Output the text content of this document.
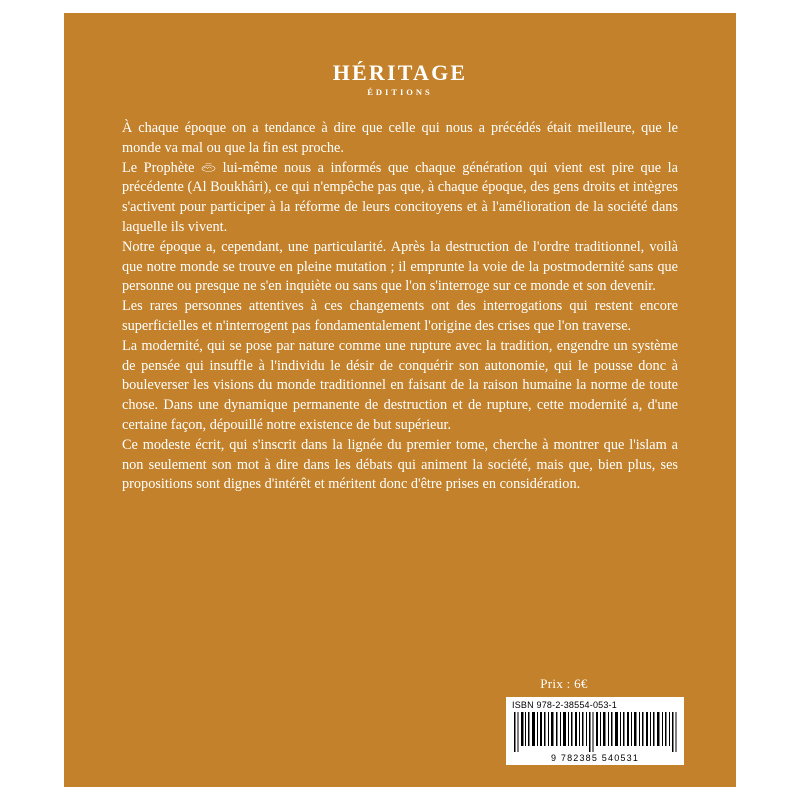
HÉRITAGE
ÉDITIONS

À chaque époque on a tendance à dire que celle qui nous a précédés était meilleure, que le monde va mal ou que la fin est proche.

Le Prophète  lui-même nous a informés que chaque génération qui vient est pire que la précédente (Al Boukhâri), ce qui n'empêche pas que, à chaque époque, des gens droits et intègres s'activent pour participer à la réforme de leurs concitoyens et à l'amélioration de la société dans laquelle ils vivent.

Notre époque a, cependant, une particularité. Après la destruction de l'ordre traditionnel, voilà que notre monde se trouve en pleine mutation ; il emprunte la voie de la postmodernité sans que personne ou presque ne s'en inquiète ou sans que l'on s'interroge sur ce monde et son devenir.

Les rares personnes attentives à ces changements ont des interrogations qui restent encore superficielles et n'interrogent pas fondamentalement l'origine des crises que l'on traverse.

La modernité, qui se pose par nature comme une rupture avec la tradition, engendre un système de pensée qui insuffle à l'individu le désir de conquérir son autonomie, qui le pousse donc à bouleverser les visions du monde traditionnel en faisant de la raison humaine la norme de toute chose. Dans une dynamique permanente de destruction et de rupture, cette modernité a, d'une certaine façon, dépouillé notre existence de but supérieur.

Ce modeste écrit, qui s'inscrit dans la lignée du premier tome, cherche à montrer que l'islam a non seulement son mot à dire dans les débats qui animent la société, mais que, bien plus, ses propositions sont dignes d'intérêt et méritent donc d'être prises en considération.

Prix : 6€
ISBN 978-2-38554-053-1
9 782385 540531
